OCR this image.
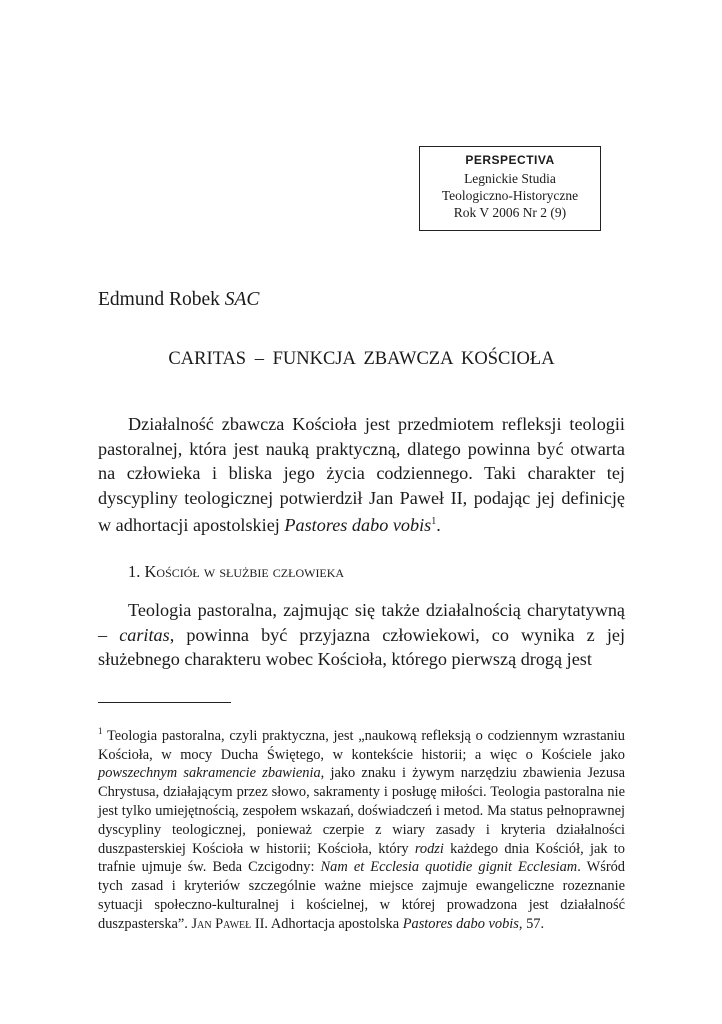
PERSPECTIVA
Legnickie Studia
Teologiczno-Historyczne
Rok V 2006 Nr 2 (9)
Edmund Robek SAC
CARITAS – FUNKCJA ZBAWCZA KOŚCIOŁA

Działalność zbawcza Kościoła jest przedmiotem refleksji teologii pastoralnej, która jest nauką praktyczną, dlatego powinna być otwarta na człowieka i bliska jego życia codziennego. Taki charakter tej dyscypliny teologicznej potwierdził Jan Paweł II, podając jej definicję w adhortacji apostolskiej Pastores dabo vobis$^1$.

1. Kościół w służbie człowieka

Teologia pastoralna, zajmując się także działalnością charytatywną – caritas, powinna być przyjazna człowiekowi, co wynika z jej służebnego charakteru wobec Kościoła, którego pierwszą drogą jest

$^1$ Teologia pastoralna, czyli praktyczna, jest „naukową refleksją o codziennym wzrastaniu Kościoła, w mocy Ducha Świętego, w kontekście historii; a więc o Kościele jako powszechnym sakramencie zbawienia, jako znaku i żywym narzędziu zbawienia Jezusa Chrystusa, działającym przez słowo, sakramenty i posługę miłości. Teologia pastoralna nie jest tylko umiejętnością, zespołem wskazań, doświadczeń i metod. Ma status pełnoprawnej dyscypliny teologicznej, ponieważ czerpie z wiary zasady i kryteria działalności duszpasterskiej Kościoła w historii; Kościoła, który rodzi każdego dnia Kościół, jak to trafnie ujmuje św. Beda Czcigodny: Nam et Ecclesia quotidie gignit Ecclesiam. Wśród tych zasad i kryteriów szczególnie ważne miejsce zajmuje ewangeliczne rozeznanie sytuacji społeczno-kulturalnej i kościelnej, w której prowadzona jest działalność duszpasterska”. Jan Paweł II. Adhortacja apostolska Pastores dabo vobis, 57.
